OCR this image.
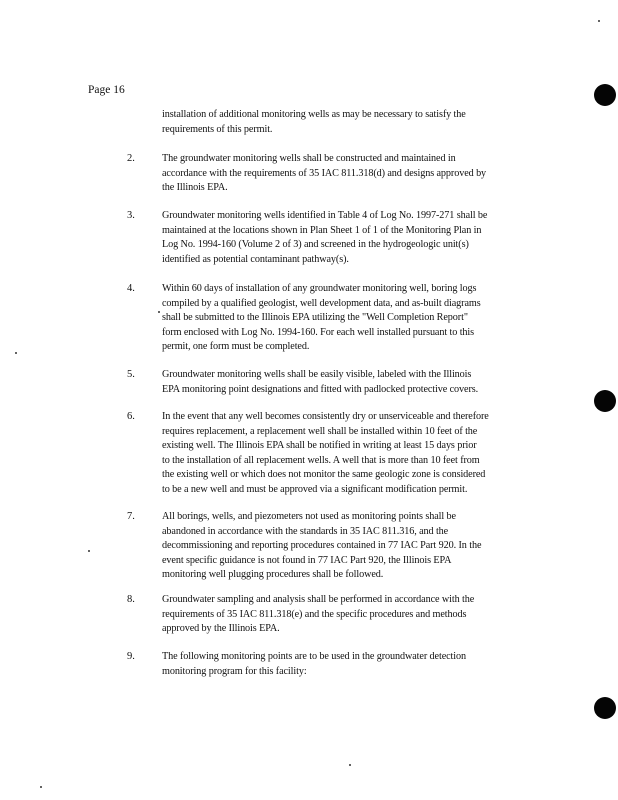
Page 16
installation of additional monitoring wells as may be necessary to satisfy the
requirements of this permit.
2.	The groundwater monitoring wells shall be constructed and maintained in
accordance with the requirements of 35 IAC 811.318(d) and designs approved by
the Illinois EPA.
3.	Groundwater monitoring wells identified in Table 4 of Log No. 1997-271 shall be
maintained at the locations shown in Plan Sheet 1 of 1 of the Monitoring Plan in
Log No. 1994-160 (Volume 2 of 3) and screened in the hydrogeologic unit(s)
identified as potential contaminant pathway(s).
4.	Within 60 days of installation of any groundwater monitoring well, boring logs
compiled by a qualified geologist, well development data, and as-built diagrams
shall be submitted to the Illinois EPA utilizing the "Well Completion Report"
form enclosed with Log No. 1994-160. For each well installed pursuant to this
permit, one form must be completed.
5.	Groundwater monitoring wells shall be easily visible, labeled with the Illinois
EPA monitoring point designations and fitted with padlocked protective covers.
6.	In the event that any well becomes consistently dry or unserviceable and therefore
requires replacement, a replacement well shall be installed within 10 feet of the
existing well. The Illinois EPA shall be notified in writing at least 15 days prior
to the installation of all replacement wells. A well that is more than 10 feet from
the existing well or which does not monitor the same geologic zone is considered
to be a new well and must be approved via a significant modification permit.
7.	All borings, wells, and piezometers not used as monitoring points shall be
abandoned in accordance with the standards in 35 IAC 811.316, and the
decommissioning and reporting procedures contained in 77 IAC Part 920. In the
event specific guidance is not found in 77 IAC Part 920, the Illinois EPA
monitoring well plugging procedures shall be followed.
8.	Groundwater sampling and analysis shall be performed in accordance with the
requirements of 35 IAC 811.318(e) and the specific procedures and methods
approved by the Illinois EPA.
9.	The following monitoring points are to be used in the groundwater detection
monitoring program for this facility:
